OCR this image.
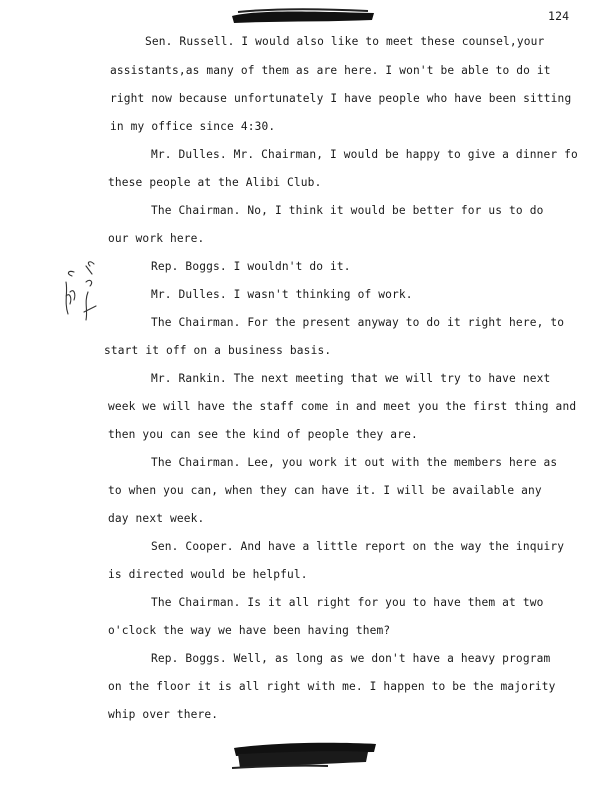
124
Sen. Russell. I would also like to meet these counsel,your
assistants,as many of them as are here. I won't be able to do it
right now because unfortunately I have people who have been sitting
in my office since 4:30.
Mr. Dulles. Mr. Chairman, I would be happy to give a dinner fo
these people at the Alibi Club.
The Chairman. No, I think it would be better for us to do
our work here.
Rep. Boggs. I wouldn't do it.
Mr. Dulles. I wasn't thinking of work.
The Chairman. For the present anyway to do it right here, to
start it off on a business basis.
Mr. Rankin. The next meeting that we will try to have next
week we will have the staff come in and meet you the first thing and
then you can see the kind of people they are.
The Chairman. Lee, you work it out with the members here as
to when you can, when they can have it. I will be available any
day next week.
Sen. Cooper. And have a little report on the way the inquiry
is directed would be helpful.
The Chairman. Is it all right for you to have them at two
o'clock the way we have been having them?
Rep. Boggs. Well, as long as we don't have a heavy program
on the floor it is all right with me. I happen to be the majority
whip over there.
